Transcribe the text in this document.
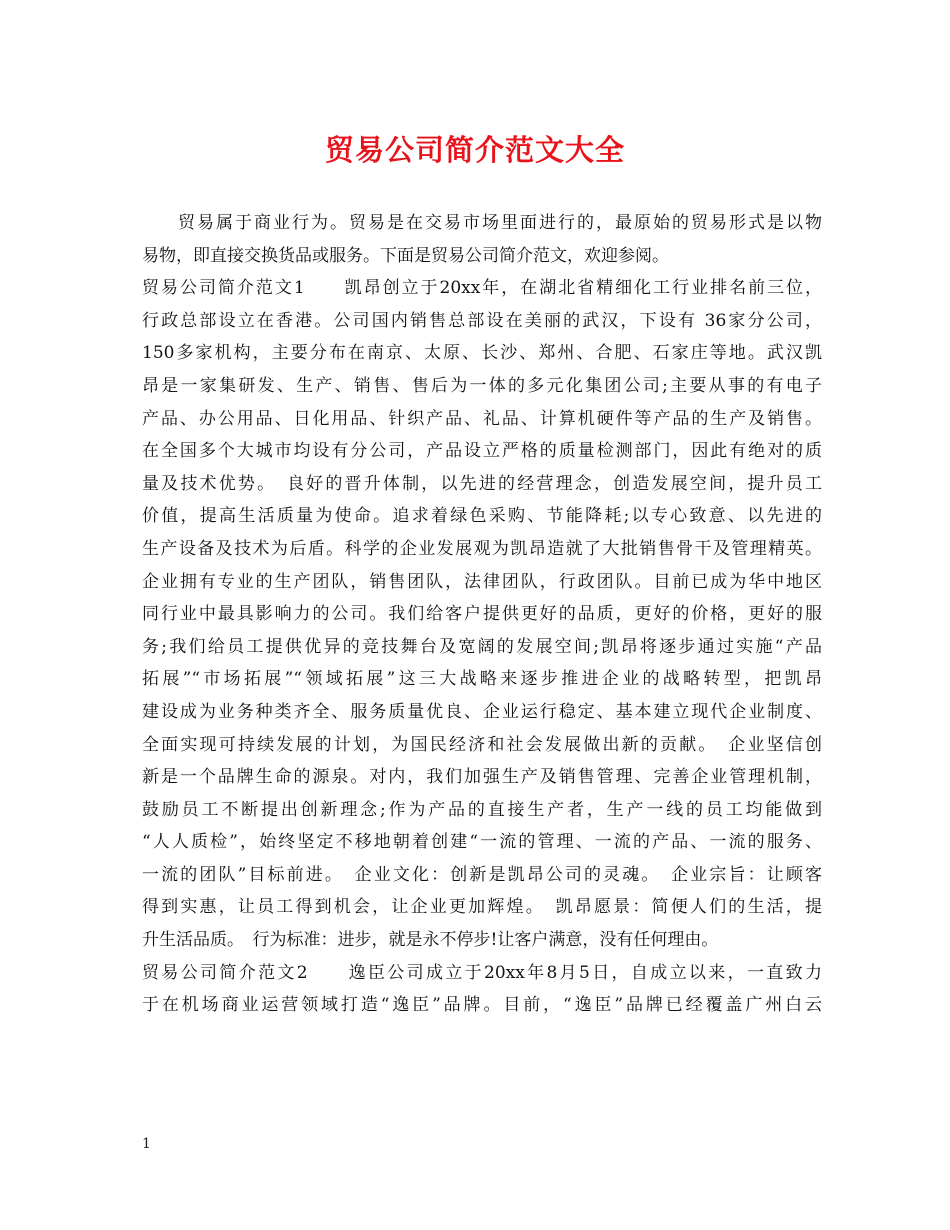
贸易公司简介范文大全
贸易属于商业行为。贸易是在交易市场里面进行的，最原始的贸易形式是以物
易物，即直接交换货品或服务。下面是贸易公司简介范文，欢迎参阅。
贸易公司简介范文1　　凯昂创立于20xx年，在湖北省精细化工行业排名前三位，
行政总部设立在香港。公司国内销售总部设在美丽的武汉，下设有 36家分公司，
150多家机构，主要分布在南京、太原、长沙、郑州、合肥、石家庄等地。武汉凯
昂是一家集研发、生产、销售、售后为一体的多元化集团公司;主要从事的有电子
产品、办公用品、日化用品、针织产品、礼品、计算机硬件等产品的生产及销售。
在全国多个大城市均设有分公司，产品设立严格的质量检测部门，因此有绝对的质
量及技术优势。　良好的晋升体制，以先进的经营理念，创造发展空间，提升员工
价值，提高生活质量为使命。追求着绿色采购、节能降耗;以专心致意、以先进的
生产设备及技术为后盾。科学的企业发展观为凯昂造就了大批销售骨干及管理精英。
企业拥有专业的生产团队，销售团队，法律团队，行政团队。目前已成为华中地区
同行业中最具影响力的公司。我们给客户提供更好的品质，更好的价格，更好的服
务;我们给员工提供优异的竞技舞台及宽阔的发展空间;凯昂将逐步通过实施“产品
拓展”“市场拓展”“领域拓展”这三大战略来逐步推进企业的战略转型，把凯昂
建设成为业务种类齐全、服务质量优良、企业运行稳定、基本建立现代企业制度、
全面实现可持续发展的计划，为国民经济和社会发展做出新的贡献。　企业坚信创
新是一个品牌生命的源泉。对内，我们加强生产及销售管理、完善企业管理机制，
鼓励员工不断提出创新理念;作为产品的直接生产者，生产一线的员工均能做到
“人人质检”，始终坚定不移地朝着创建“一流的管理、一流的产品、一流的服务、
一流的团队”目标前进。　企业文化：创新是凯昂公司的灵魂。　企业宗旨：让顾客
得到实惠，让员工得到机会，让企业更加辉煌。　凯昂愿景：简便人们的生活，提
升生活品质。　行为标准：进步，就是永不停步!让客户满意，没有任何理由。
贸易公司简介范文2　　逸臣公司成立于20xx年8月5日，自成立以来，一直致力
于在机场商业运营领域打造“逸臣”品牌。目前，“逸臣”品牌已经覆盖广州白云
1
